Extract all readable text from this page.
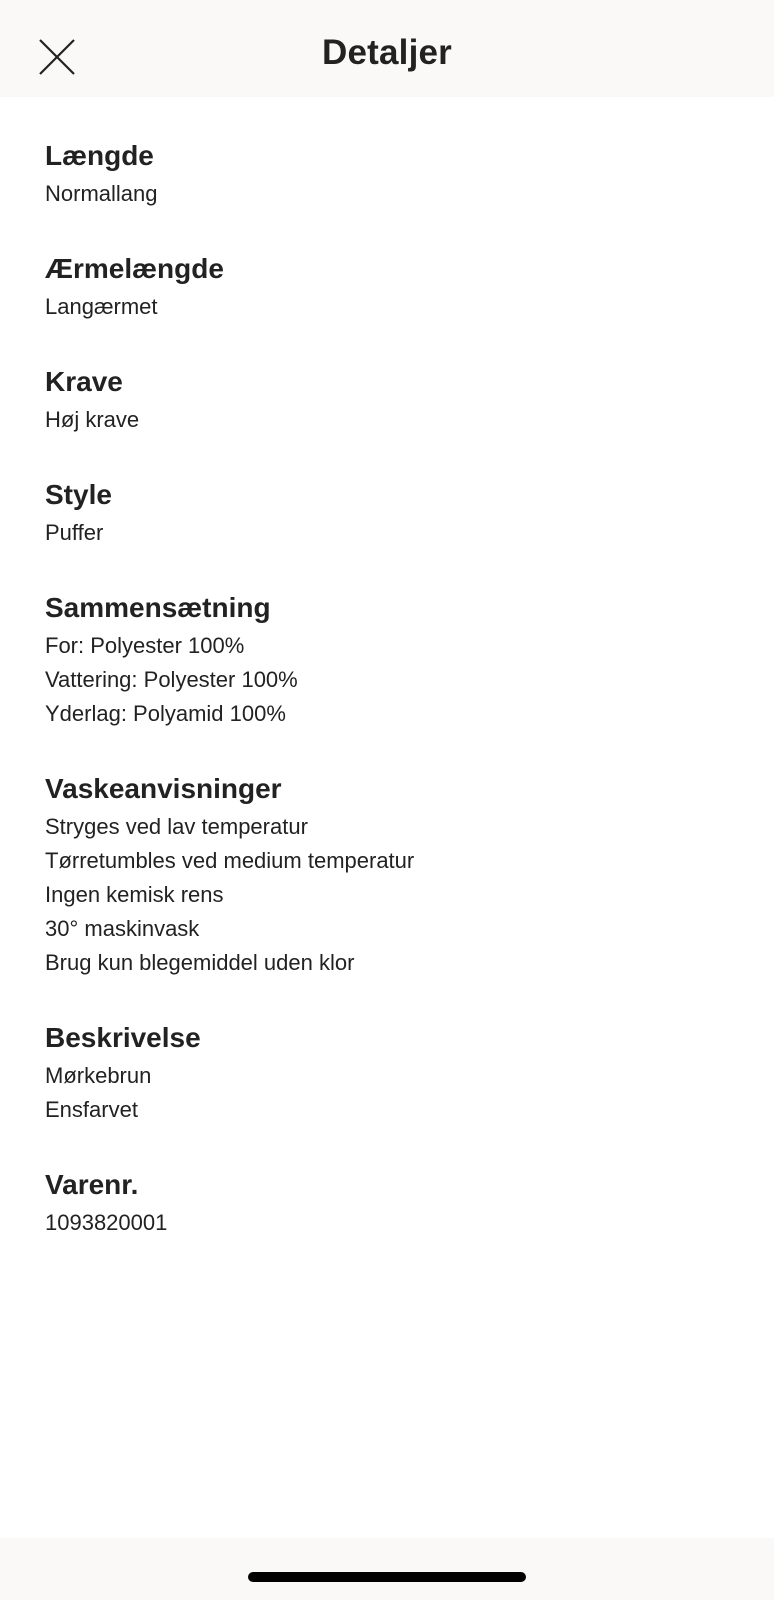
Detaljer
Længde
Normallang
Ærmelængde
Langærmet
Krave
Høj krave
Style
Puffer
Sammensætning
For: Polyester 100%
Vattering: Polyester 100%
Yderlag: Polyamid 100%
Vaskeanvisninger
Stryges ved lav temperatur
Tørretumbles ved medium temperatur
Ingen kemisk rens
30° maskinvask
Brug kun blegemiddel uden klor
Beskrivelse
Mørkebrun
Ensfarvet
Varenr.
1093820001
